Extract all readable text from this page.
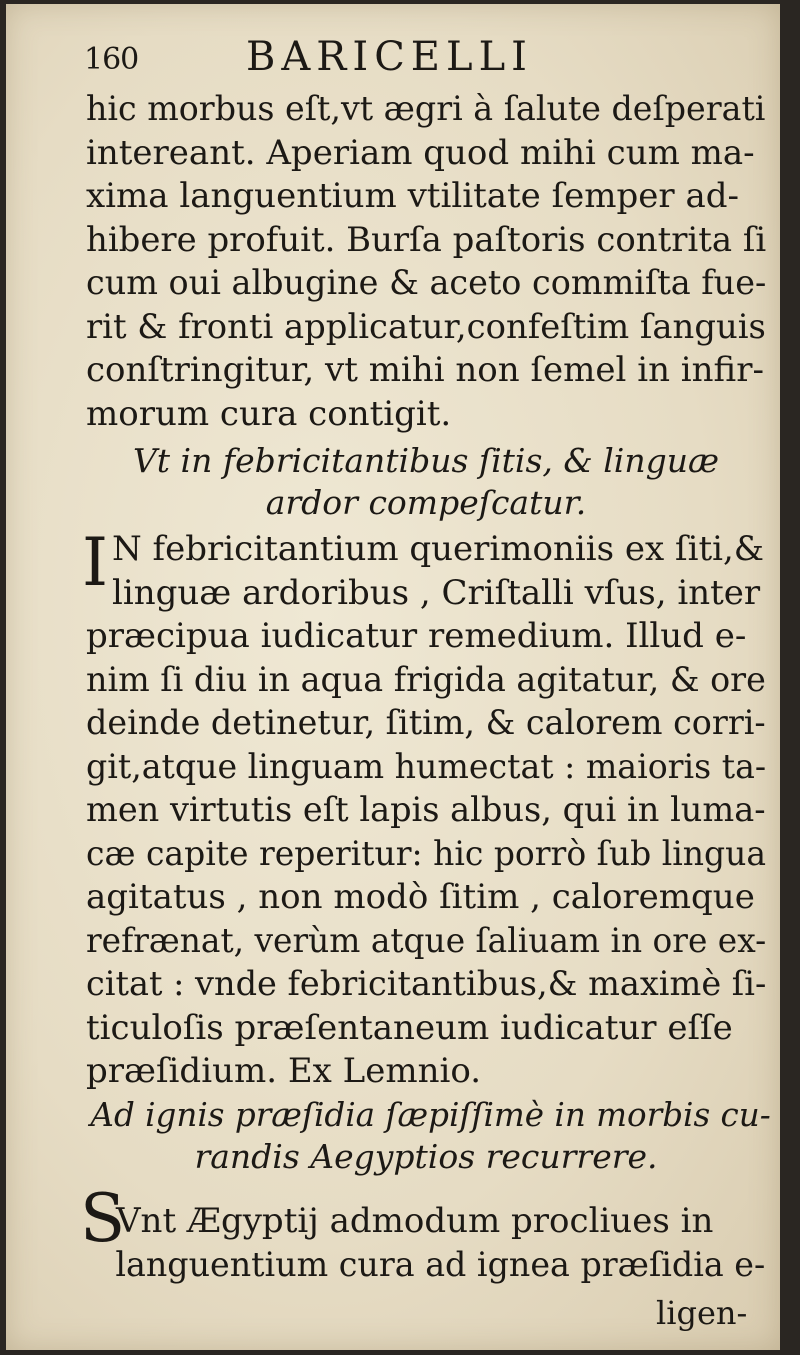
160	BARICELLI
hic morbus eſt,vt ægri à ſalute deſperati
intereant. Aperiam quod mihi cum ma-
xima languentium vtilitate ſemper ad-
hibere profuit. Burſa paſtoris contrita ſi
cum oui albugine & aceto commiſta fue-
rit & fronti applicatur,confeſtim ſanguis
conſtringitur, vt mihi non ſemel in infir-
morum cura contigit.
Vt in febricitantibus ſitis, & linguæ
ardor compeſcatur.
I N febricitantium querimoniis ex ſiti,&
linguæ ardoribus , Criſtalli vſus, inter
præcipua iudicatur remedium. Illud e-
nim ſi diu in aqua frigida agitatur, & ore
deinde detinetur, ſitim, & calorem corri-
git,atque linguam humectat : maioris ta-
men virtutis eſt lapis albus, qui in luma-
cæ capite reperitur: hic porrò ſub lingua
agitatus , non modò ſitim , caloremque
refrænat, verùm atque ſaliuam in ore ex-
citat : vnde febricitantibus,& maximè ſi-
ticuloſis præſentaneum iudicatur eſſe
præſidium. Ex Lemnio.
Ad ignis præſidia ſæpiſſimè in morbis cu-
randis Aegyptios recurrere.
S
Vnt Ægyptij admodum procliues in
languentium cura ad ignea præſidia e-
ligen-
